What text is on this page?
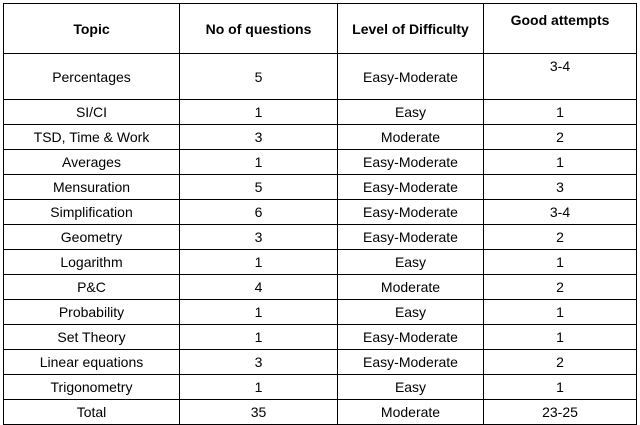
Topic	No of questions	Level of Difficulty	Good attempts
Percentages	5	Easy-Moderate	3-4
SI/CI	1	Easy	1
TSD, Time & Work	3	Moderate	2
Averages	1	Easy-Moderate	1
Mensuration	5	Easy-Moderate	3
Simplification	6	Easy-Moderate	3-4
Geometry	3	Easy-Moderate	2
Logarithm	1	Easy	1
P&C	4	Moderate	2
Probability	1	Easy	1
Set Theory	1	Easy-Moderate	1
Linear equations	3	Easy-Moderate	2
Trigonometry	1	Easy	1
Total	35	Moderate	23-25
